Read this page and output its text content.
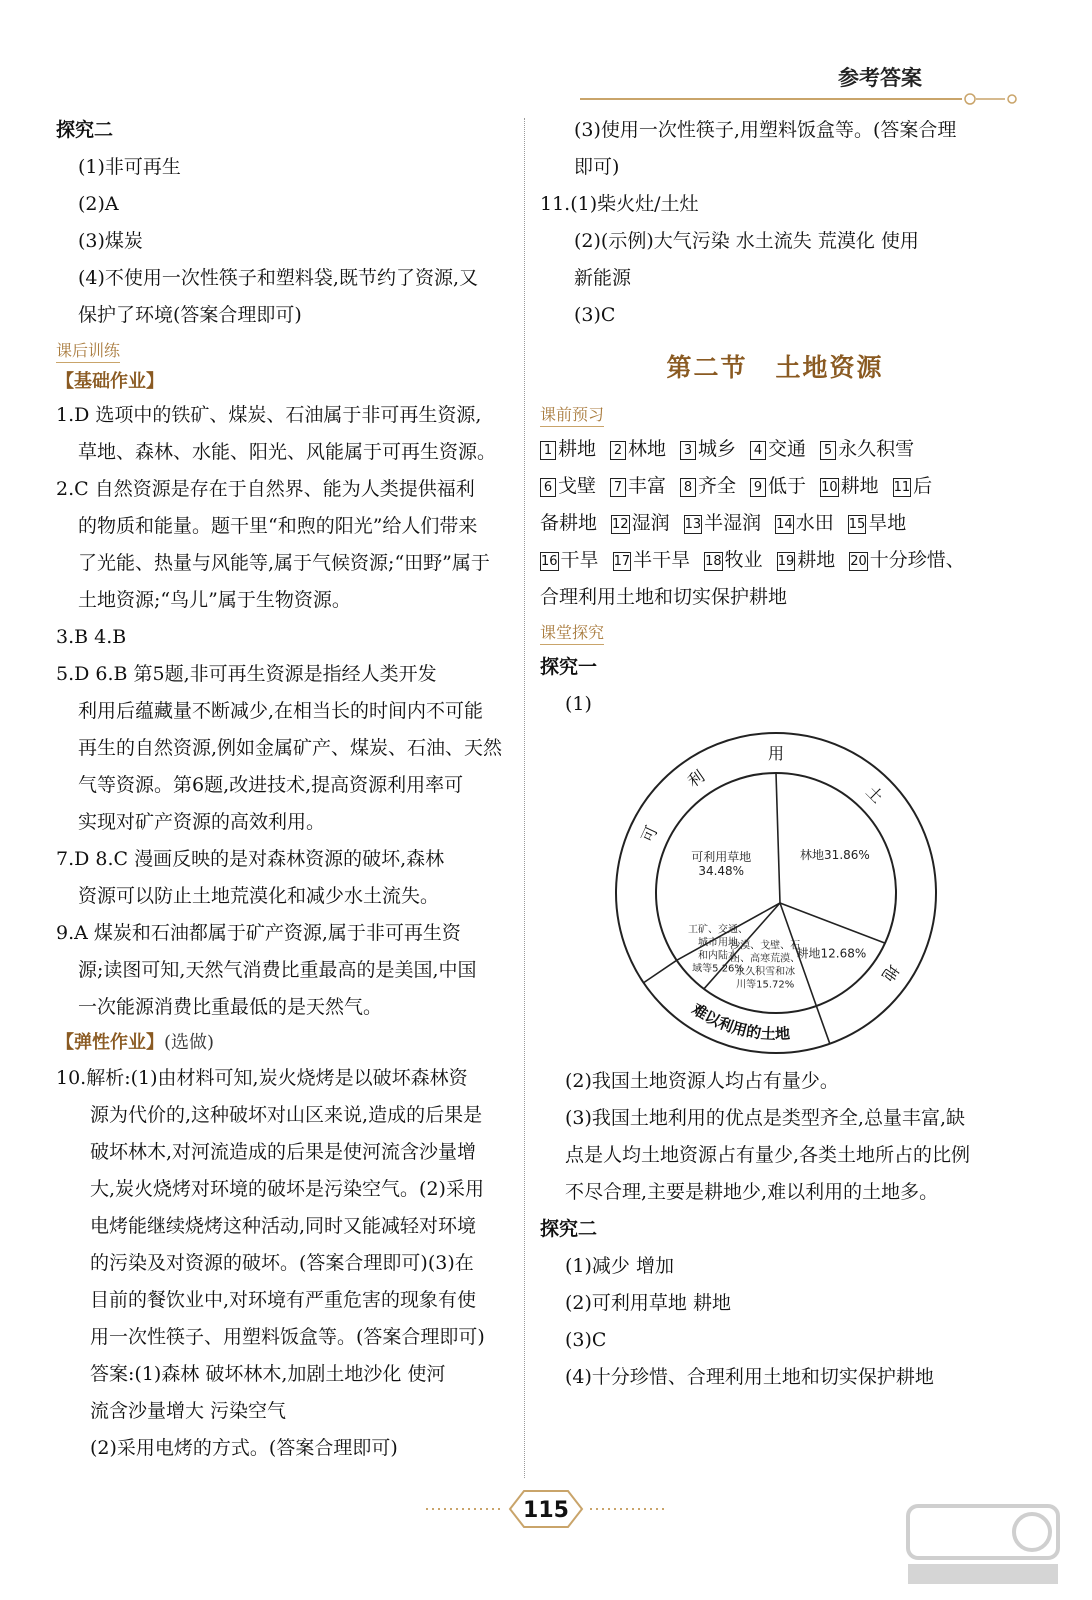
参考答案
探究二
(1)非可再生
(2)A
(3)煤炭
(4)不使用一次性筷子和塑料袋,既节约了资源,又
保护了环境(答案合理即可)
课后训练
【基础作业】
1.D 选项中的铁矿、煤炭、石油属于非可再生资源,
草地、森林、水能、阳光、风能属于可再生资源。
2.C 自然资源是存在于自然界、能为人类提供福利
的物质和能量。题干里“和煦的阳光”给人们带来
了光能、热量与风能等,属于气候资源;“田野”属于
土地资源;“鸟儿”属于生物资源。
3.B 4.B
5.D 6.B 第5题,非可再生资源是指经人类开发
利用后蕴藏量不断减少,在相当长的时间内不可能
再生的自然资源,例如金属矿产、煤炭、石油、天然
气等资源。第6题,改进技术,提高资源利用率可
实现对矿产资源的高效利用。
7.D 8.C 漫画反映的是对森林资源的破坏,森林
资源可以防止土地荒漠化和减少水土流失。
9.A 煤炭和石油都属于矿产资源,属于非可再生资
源;读图可知,天然气消费比重最高的是美国,中国
一次能源消费比重最低的是天然气。
【弹性作业】(选做)
10.解析:(1)由材料可知,炭火烧烤是以破坏森林资
源为代价的,这种破坏对山区来说,造成的后果是
破坏林木,对河流造成的后果是使河流含沙量增
大,炭火烧烤对环境的破坏是污染空气。(2)采用
电烤能继续烧烤这种活动,同时又能减轻对环境
的污染及对资源的破坏。(答案合理即可)(3)在
目前的餐饮业中,对环境有严重危害的现象有使
用一次性筷子、用塑料饭盒等。(答案合理即可)
答案:(1)森林 破坏林木,加剧土地沙化 使河
流含沙量增大 污染空气
(2)采用电烤的方式。(答案合理即可)
(3)使用一次性筷子,用塑料饭盒等。(答案合理
即可)
11.(1)柴火灶/土灶
(2)(示例)大气污染 水土流失 荒漠化 使用
新能源
(3)C
第二节 土地资源
课前预习
1 耕地 2 林地 3 城乡 4 交通 5 永久积雪
6 戈壁 7 丰富 8 齐全 9 低于 10 耕地 11 后
备耕地 12 湿润 13 半湿润 14 水田 15 旱地
16 干旱 17 半干旱 18 牧业 19 耕地 20 十分珍惜、
合理利用土地和切实保护耕地
课堂探究
探究一
(1)
林地31.86%
耕地12.68%
沙漠、戈壁、石
山、高寒荒漠、
永久积雪和冰
川等15.72%
工矿、交通、
城市用地
和内陆水
域等5.26%
可利用草地
34.48%
可
利
用
土
地
难以利用的土地
(2)我国土地资源人均占有量少。
(3)我国土地利用的优点是类型齐全,总量丰富,缺
点是人均土地资源占有量少,各类土地所占的比例
不尽合理,主要是耕地少,难以利用的土地多。
探究二
(1)减少 增加
(2)可利用草地 耕地
(3)C
(4)十分珍惜、合理利用土地和切实保护耕地
115
